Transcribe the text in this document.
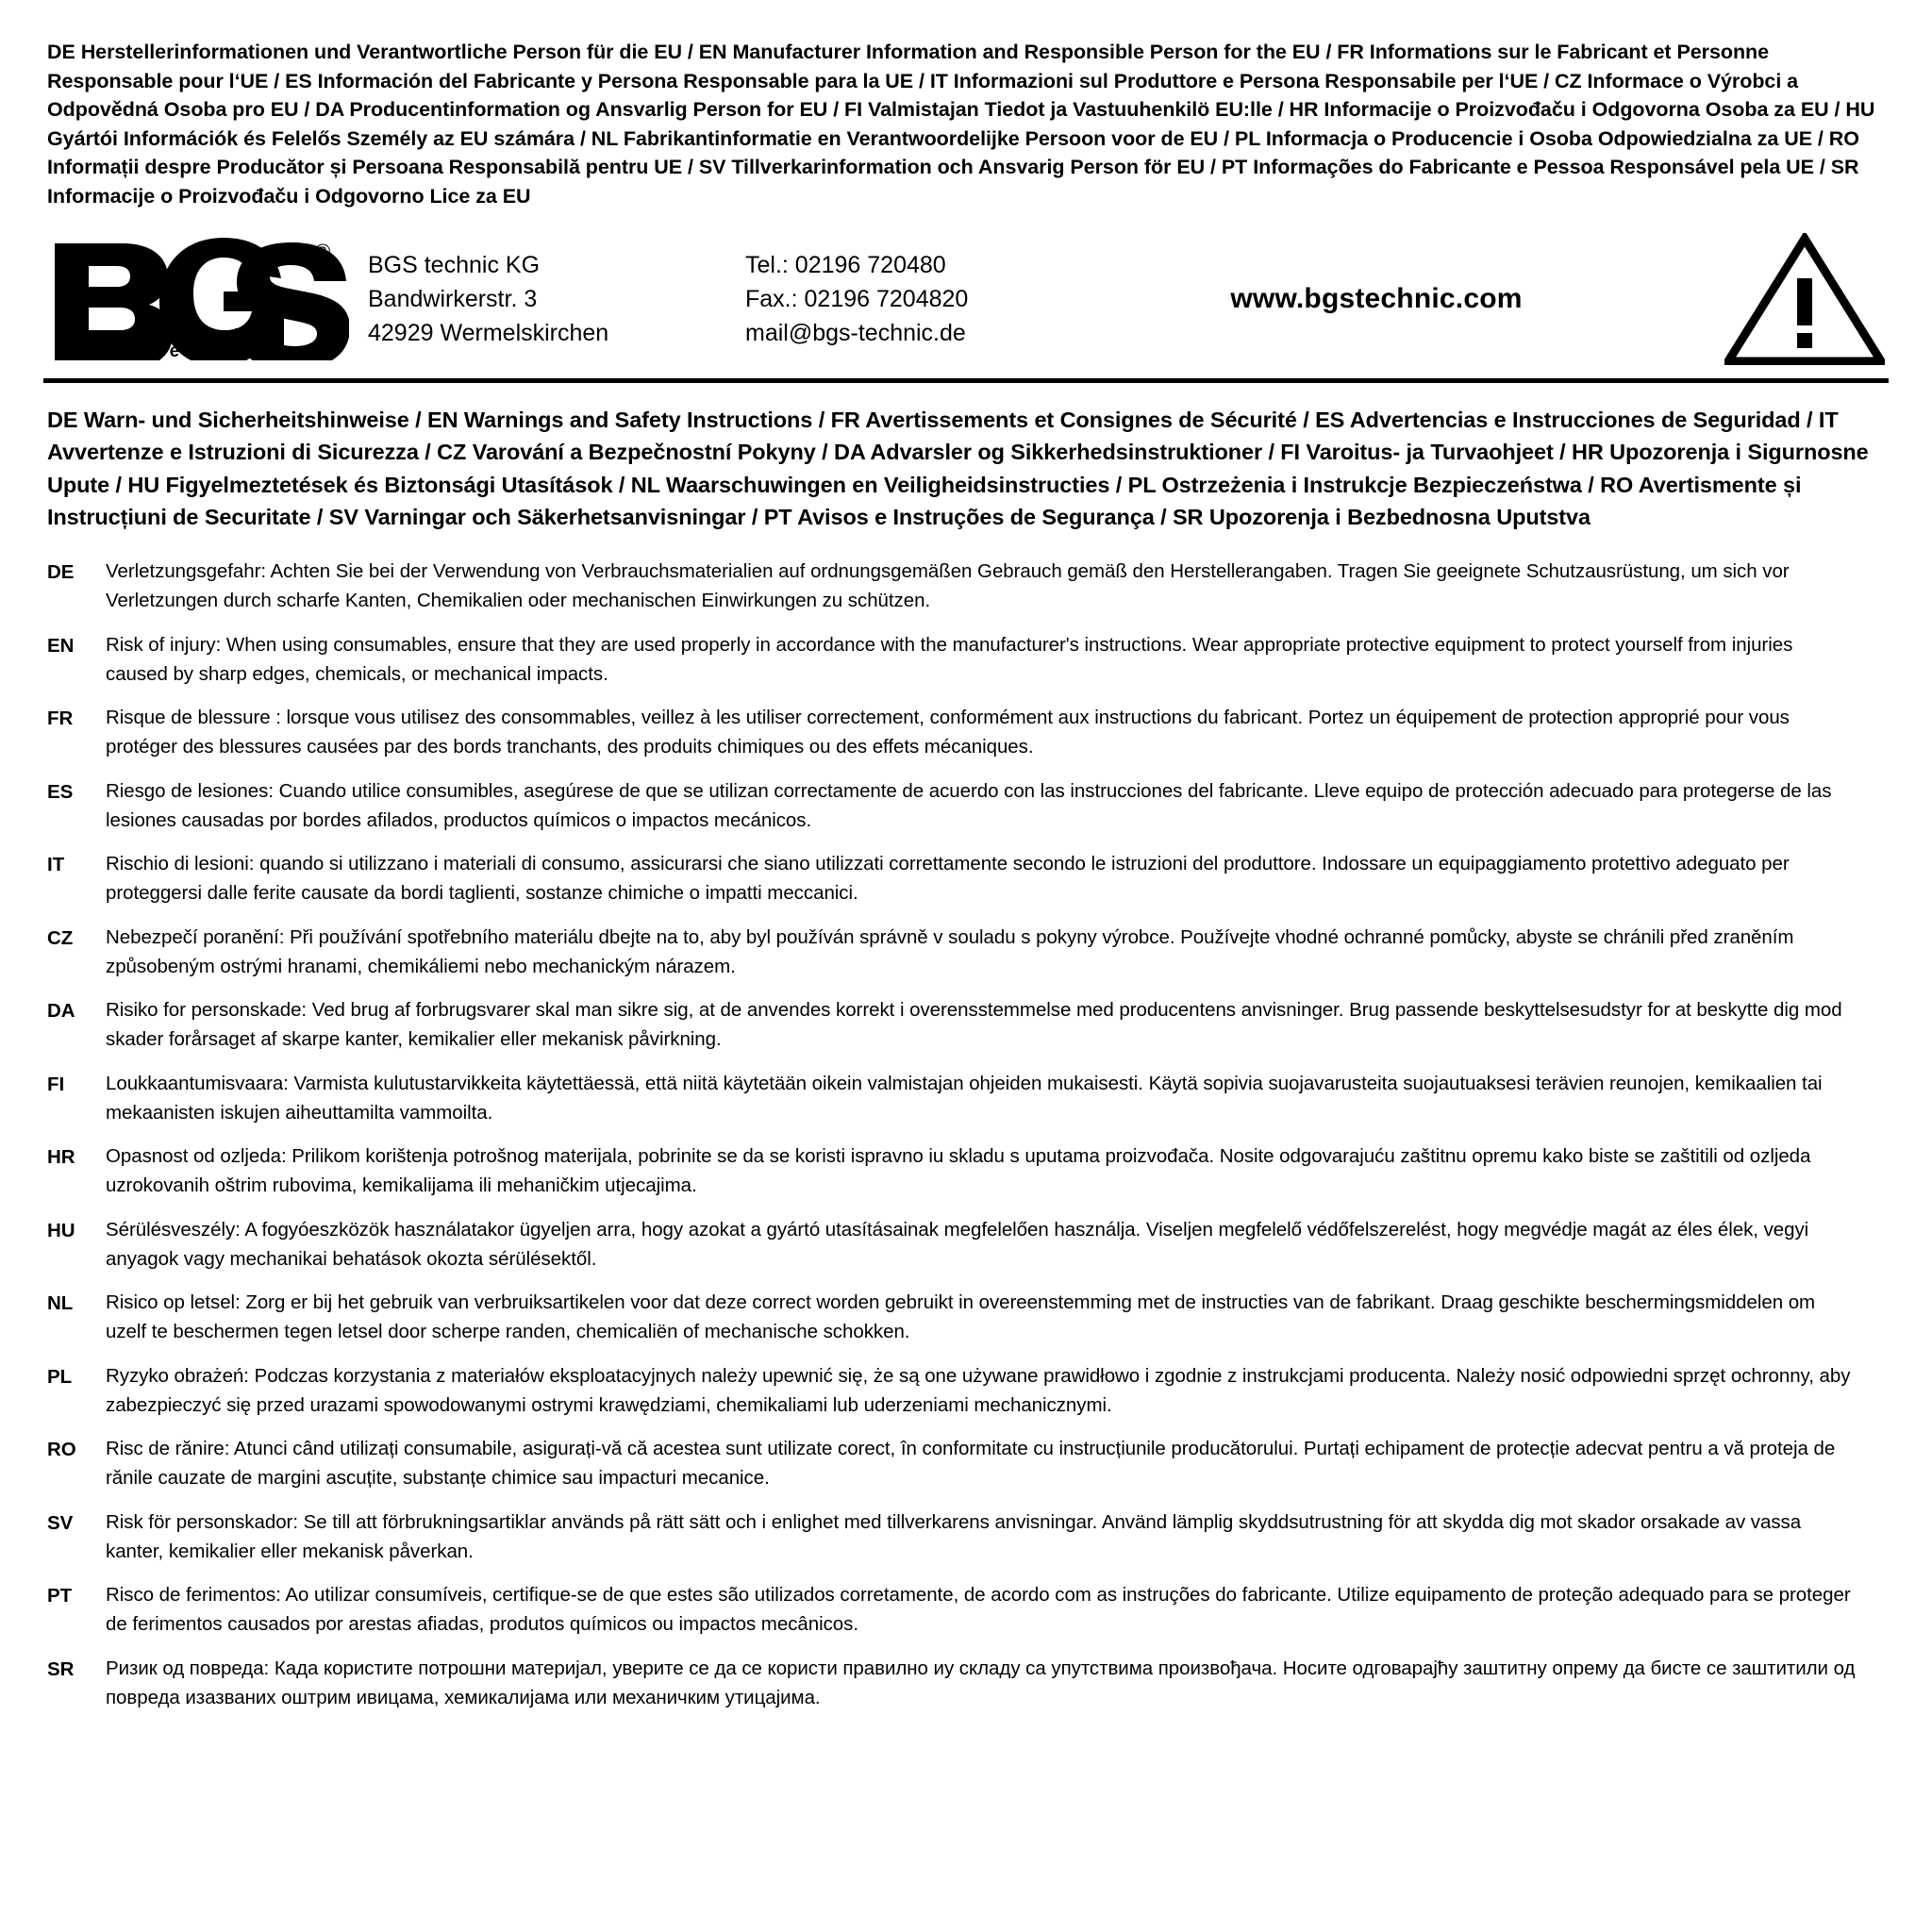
DE Herstellerinformationen und Verantwortliche Person für die EU / EN Manufacturer Information and Responsible Person for the EU / FR Informations sur le Fabricant et Personne Responsable pour l‘UE / ES Información del Fabricante y Persona Responsable para la UE / IT Informazioni sul Produttore e Persona Responsabile per l‘UE / CZ Informace o Výrobci a Odpovědná Osoba pro EU / DA Producentinformation og Ansvarlig Person for EU / FI Valmistajan Tiedot ja Vastuuhenkilö EU:lle / HR Informacije o Proizvođaču i Odgovorna Osoba za EU / HU Gyártói Információk és Felelős Személy az EU számára / NL Fabrikantinformatie en Verantwoordelijke Persoon voor de EU / PL Informacja o Producencie i Osoba Odpowiedzialna za UE / RO Informații despre Producător și Persoana Responsabilă pentru UE / SV Tillverkarinformation och Ansvarig Person för EU / PT Informações do Fabricante e Pessoa Responsável pela UE / SR Informacije o Proizvođaču i Odgovorno Lice za EU
®
t e c h n i c
BGS technic KG
Bandwirkerstr. 3
42929 Wermelskirchen
Tel.: 02196 720480
Fax.: 02196 7204820
mail@bgs-technic.de
www.bgstechnic.com
DE Warn- und Sicherheitshinweise / EN Warnings and Safety Instructions / FR Avertissements et Consignes de Sécurité / ES Advertencias e Instrucciones de Seguridad / IT Avvertenze e Istruzioni di Sicurezza / CZ Varování a Bezpečnostní Pokyny / DA Advarsler og Sikkerhedsinstruktioner / FI Varoitus- ja Turvaohjeet / HR Upozorenja i Sigurnosne Upute / HU Figyelmeztetések és Biztonsági Utasítások / NL Waarschuwingen en Veiligheidsinstructies / PL Ostrzeżenia i Instrukcje Bezpieczeństwa / RO Avertismente și Instrucțiuni de Securitate / SV Varningar och Säkerhetsanvisningar / PT Avisos e Instruções de Segurança / SR Upozorenja i Bezbednosna Uputstva
DE	Verletzungsgefahr: Achten Sie bei der Verwendung von Verbrauchsmaterialien auf ordnungsgemäßen Gebrauch gemäß den Herstellerangaben. Tragen Sie geeignete Schutzausrüstung, um sich vor Verletzungen durch scharfe Kanten, Chemikalien oder mechanischen Einwirkungen zu schützen.
EN	Risk of injury: When using consumables, ensure that they are used properly in accordance with the manufacturer's instructions. Wear appropriate protective equipment to protect yourself from injuries caused by sharp edges, chemicals, or mechanical impacts.
FR	Risque de blessure : lorsque vous utilisez des consommables, veillez à les utiliser correctement, conformément aux instructions du fabricant. Portez un équipement de protection approprié pour vous protéger des blessures causées par des bords tranchants, des produits chimiques ou des effets mécaniques.
ES	Riesgo de lesiones: Cuando utilice consumibles, asegúrese de que se utilizan correctamente de acuerdo con las instrucciones del fabricante. Lleve equipo de protección adecuado para protegerse de las lesiones causadas por bordes afilados, productos químicos o impactos mecánicos.
IT	Rischio di lesioni: quando si utilizzano i materiali di consumo, assicurarsi che siano utilizzati correttamente secondo le istruzioni del produttore. Indossare un equipaggiamento protettivo adeguato per proteggersi dalle ferite causate da bordi taglienti, sostanze chimiche o impatti meccanici.
CZ	Nebezpečí poranění: Při používání spotřebního materiálu dbejte na to, aby byl používán správně v souladu s pokyny výrobce. Používejte vhodné ochranné pomůcky, abyste se chránili před zraněním způsobeným ostrými hranami, chemikáliemi nebo mechanickým nárazem.
DA	Risiko for personskade: Ved brug af forbrugsvarer skal man sikre sig, at de anvendes korrekt i overensstemmelse med producentens anvisninger. Brug passende beskyttelsesudstyr for at beskytte dig mod skader forårsaget af skarpe kanter, kemikalier eller mekanisk påvirkning.
FI	Loukkaantumisvaara: Varmista kulutustarvikkeita käytettäessä, että niitä käytetään oikein valmistajan ohjeiden mukaisesti. Käytä sopivia suojavarusteita suojautuaksesi terävien reunojen, kemikaalien tai mekaanisten iskujen aiheuttamilta vammoilta.
HR	Opasnost od ozljeda: Prilikom korištenja potrošnog materijala, pobrinite se da se koristi ispravno iu skladu s uputama proizvođača. Nosite odgovarajuću zaštitnu opremu kako biste se zaštitili od ozljeda uzrokovanih oštrim rubovima, kemikalijama ili mehaničkim utjecajima.
HU	Sérülésveszély: A fogyóeszközök használatakor ügyeljen arra, hogy azokat a gyártó utasításainak megfelelően használja. Viseljen megfelelő védőfelszerelést, hogy megvédje magát az éles élek, vegyi anyagok vagy mechanikai behatások okozta sérülésektől.
NL	Risico op letsel: Zorg er bij het gebruik van verbruiksartikelen voor dat deze correct worden gebruikt in overeenstemming met de instructies van de fabrikant. Draag geschikte beschermingsmiddelen om uzelf te beschermen tegen letsel door scherpe randen, chemicaliën of mechanische schokken.
PL	Ryzyko obrażeń: Podczas korzystania z materiałów eksploatacyjnych należy upewnić się, że są one używane prawidłowo i zgodnie z instrukcjami producenta. Należy nosić odpowiedni sprzęt ochronny, aby zabezpieczyć się przed urazami spowodowanymi ostrymi krawędziami, chemikaliami lub uderzeniami mechanicznymi.
RO	Risc de rănire: Atunci când utilizați consumabile, asigurați-vă că acestea sunt utilizate corect, în conformitate cu instrucțiunile producătorului. Purtați echipament de protecție adecvat pentru a vă proteja de rănile cauzate de margini ascuțite, substanțe chimice sau impacturi mecanice.
SV	Risk för personskador: Se till att förbrukningsartiklar används på rätt sätt och i enlighet med tillverkarens anvisningar. Använd lämplig skyddsutrustning för att skydda dig mot skador orsakade av vassa kanter, kemikalier eller mekanisk påverkan.
PT	Risco de ferimentos: Ao utilizar consumíveis, certifique-se de que estes são utilizados corretamente, de acordo com as instruções do fabricante. Utilize equipamento de proteção adequado para se proteger de ferimentos causados por arestas afiadas, produtos químicos ou impactos mecânicos.
SR	Ризик од повреда: Када користите потрошни материјал, уверите се да се користи правилно иу складу са упутствима произвођача. Носите одговарајћу заштитну опрему да бисте се заштитили од повреда изазваних оштрим ивицама, хемикалијама или механичким утицајима.
